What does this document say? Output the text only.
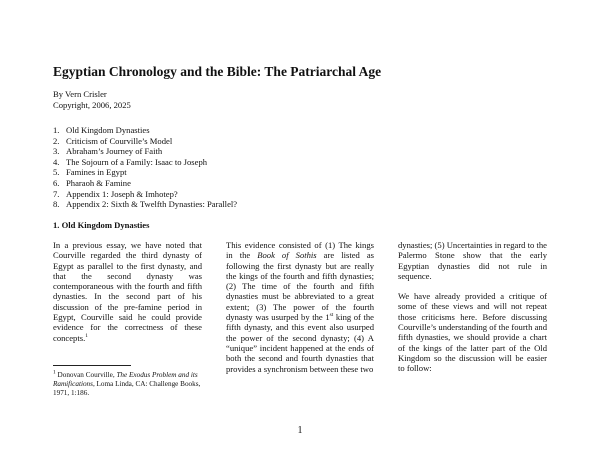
Egyptian Chronology and the Bible: The Patriarchal Age
By Vern Crisler
Copyright, 2006, 2025
1. Old Kingdom Dynasties
2. Criticism of Courville’s Model
3. Abraham’s Journey of Faith
4. The Sojourn of a Family: Isaac to Joseph
5. Famines in Egypt
6. Pharaoh & Famine
7. Appendix 1: Joseph & Imhotep?
8. Appendix 2: Sixth & Twelfth Dynasties: Parallel?
1. Old Kingdom Dynasties

In a previous essay, we have noted that Courville regarded the third dynasty of Egypt as parallel to the first dynasty, and that the second dynasty was contemporaneous with the fourth and fifth dynasties. In the second part of his discussion of the pre-famine period in Egypt, Courville said he could provide evidence for the correctness of these concepts.$^1$

$^1$ Donovan Courville, The Exodus Problem and its Ramifications, Loma Linda, CA: Challenge Books, 1971, 1:186.

This evidence consisted of (1) The kings in the Book of Sothis are listed as following the first dynasty but are really the kings of the fourth and fifth dynasties; (2) The time of the fourth and fifth dynasties must be abbreviated to a great extent; (3) The power of the fourth dynasty was usurped by the 1st king of the fifth dynasty, and this event also usurped the power of the second dynasty; (4) A “unique” incident happened at the ends of both the second and fourth dynasties that provides a synchronism between these two

dynasties; (5) Uncertainties in regard to the Palermo Stone show that the early Egyptian dynasties did not rule in sequence.

We have already provided a critique of some of these views and will not repeat those criticisms here. Before discussing Courville’s understanding of the fourth and fifth dynasties, we should provide a chart of the kings of the latter part of the Old Kingdom so the discussion will be easier to follow:

1
